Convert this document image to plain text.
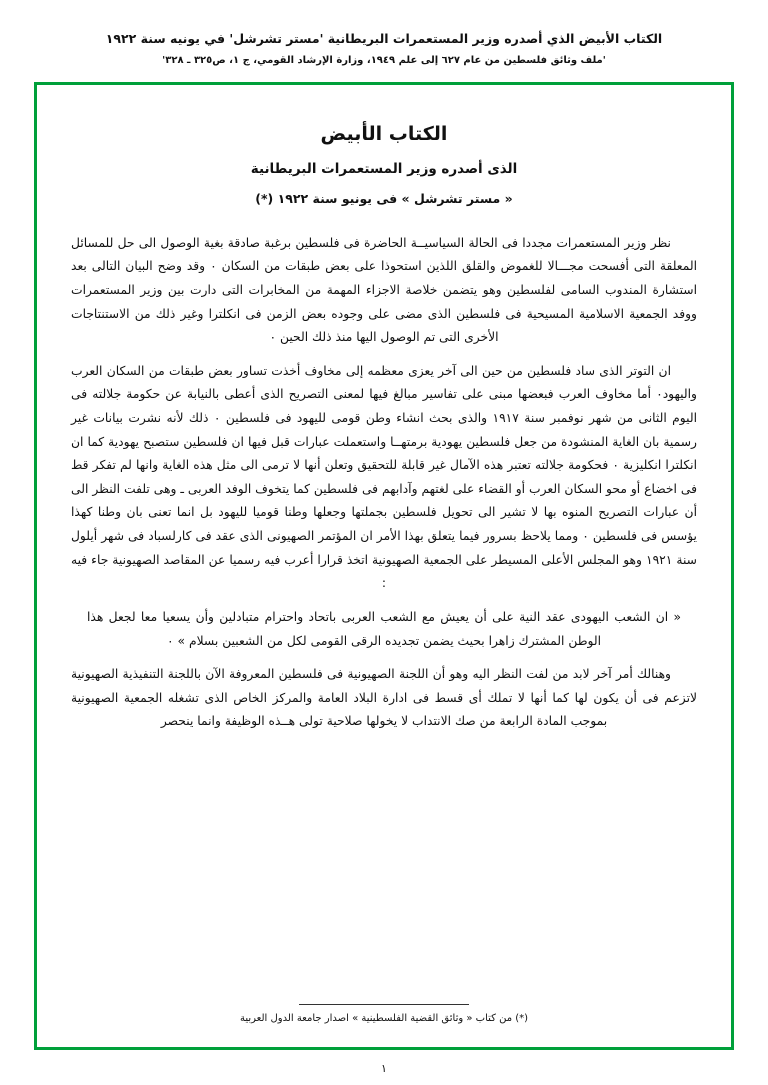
الكتاب الأبيض الذي أصدره وزير المستعمرات البريطانية 'مستر تشرشل' في يونيه سنة ١٩٢٢
'ملف وثائق فلسطين من عام ٦٢٧ إلى علم ١٩٤٩، وزارة الإرشاد القومي، ج ١، ص٣٢٥ ـ ٣٢٨'
الكتاب الأبيض
الذى أصدره وزير المستعمرات البريطانية
« مستر تشرشل » فى يونيو سنة ١٩٢٢ (*)

نظر وزير المستعمرات مجددا فى الحالة السياسيــة الحاضرة فى فلسطين برغبة صادقة بغية الوصول الى حل للمسائل المعلقة التى أفسحت مجـــالا للغموض والقلق اللذين استحوذا على بعض طبقات من السكان ٠ وقد وضح البيان التالى بعد استشارة المندوب السامى لفلسطين وهو يتضمن خلاصة الاجزاء المهمة من المخابرات التى دارت بين وزير المستعمرات ووفد الجمعية الاسلامية المسيحية فى فلسطين الذى مضى على وجوده بعض الزمن فى انكلترا وغير ذلك من الاستنتاجات الأخرى التى تم الوصول اليها منذ ذلك الحين ٠

ان التوتر الذى ساد فلسطين من حين الى آخر يعزى معظمه إلى مخاوف أخذت تساور بعض طبقات من السكان العرب واليهود٠ أما مخاوف العرب فبعضها مبنى على تفاسير مبالغ فيها لمعنى التصريح الذى أعطى بالنيابة عن حكومة جلالته فى اليوم الثانى من شهر نوفمبر سنة ١٩١٧ والذى بحث انشاء وطن قومى لليهود فى فلسطين ٠ ذلك لأنه نشرت بيانات غير رسمية بان الغاية المنشودة من جعل فلسطين يهودية برمتهــا واستعملت عبارات قبل فيها ان فلسطين ستصبح يهودية كما ان انكلترا انكليزية ٠ فحكومة جلالته تعتبر هذه الآمال غير قابلة للتحقيق وتعلن أنها لا ترمى الى مثل هذه الغاية وانها لم تفكر قط فى اخضاع أو محو السكان العرب أو القضاء على لغتهم وآدابهم فى فلسطين كما يتخوف الوفد العربى ـ وهى تلفت النظر الى أن عبارات التصريح المنوه بها لا تشير الى تحويل فلسطين بجملتها وجعلها وطنا قوميا لليهود بل انما تعنى بان وطنا كهذا يؤسس فى فلسطين ٠ ومما يلاحظ بسرور فيما يتعلق بهذا الأمر ان المؤتمر الصهيونى الذى عقد فى كارلسباد فى شهر أيلول سنة ١٩٢١ وهو المجلس الأعلى المسيطر على الجمعية الصهيونية اتخذ قرارا أعرب فيه رسميا عن المقاصد الصهيونية جاء فيه :

« ان الشعب اليهودى عقد النية على أن يعيش مع الشعب العربى باتحاد واحترام متبادلين وأن يسعيا معا لجعل هذا الوطن المشترك زاهرا بحيث يضمن تجديده الرقى القومى لكل من الشعبين بسلام » ٠

وهنالك أمر آخر لابد من لفت النظر اليه وهو أن اللجنة الصهيونية فى فلسطين المعروفة الآن باللجنة التنفيذية الصهيونية لاتزعم فى أن يكون لها كما أنها لا تملك أى قسط فى ادارة البلاد العامة والمركز الخاص الذى تشغله الجمعية الصهيونية بموجب المادة الرابعة من صك الانتداب لا يخولها صلاحية تولى هــذه الوظيفة وانما ينحصر

(*) من كتاب « وثائق القضية الفلسطينية » اصدار جامعة الدول العربية

١
